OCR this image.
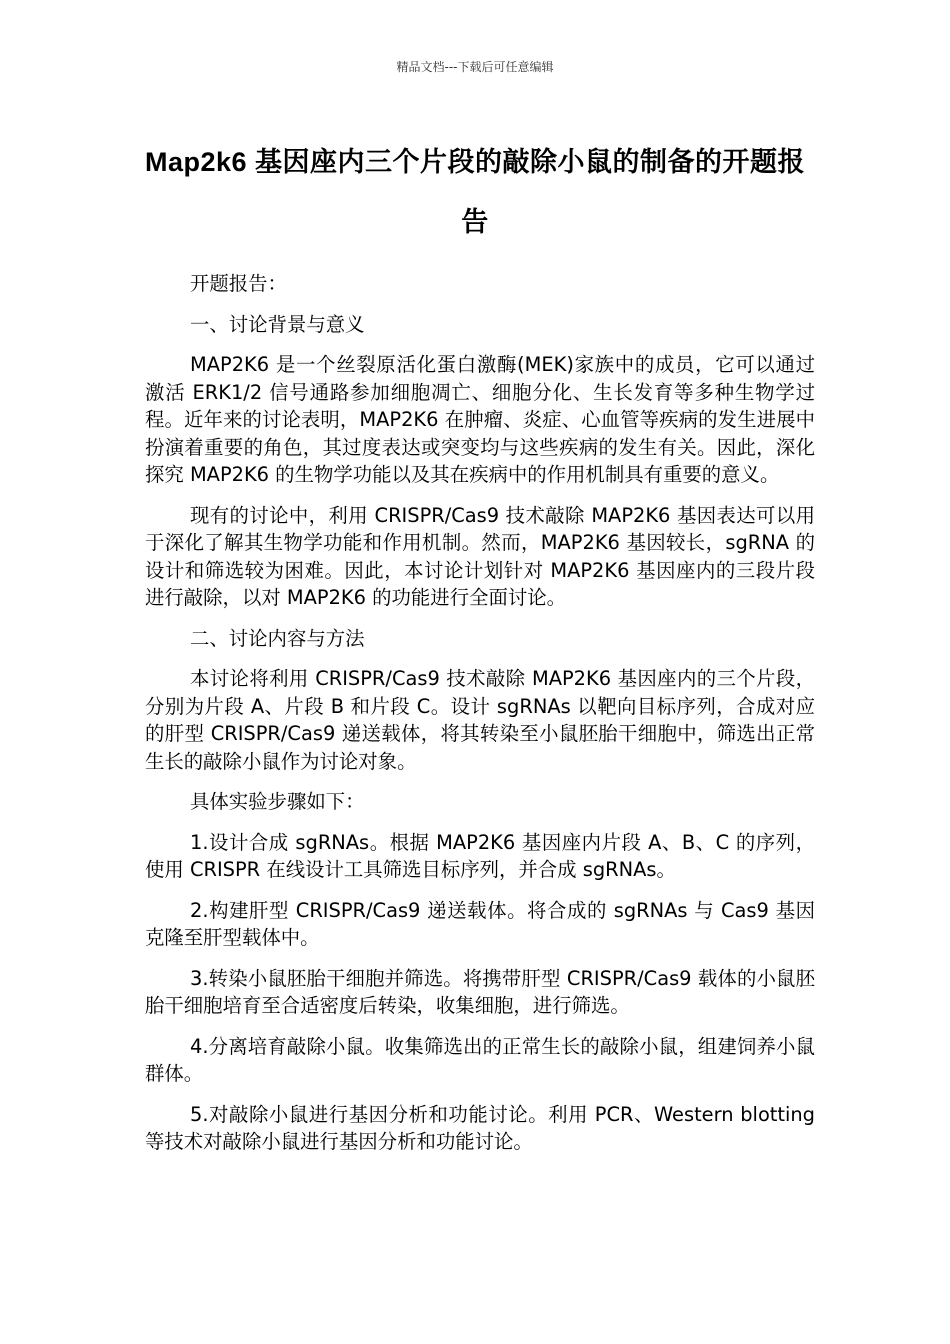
精品文档---下载后可任意编辑
Map2k6 基因座内三个片段的敲除小鼠的制备的开题报告

开题报告：

一、讨论背景与意义

MAP2K6 是一个丝裂原活化蛋白激酶(MEK)家族中的成员，它可以通过激活 ERK1/2 信号通路参加细胞凋亡、细胞分化、生长发育等多种生物学过程。近年来的讨论表明，MAP2K6 在肿瘤、炎症、心血管等疾病的发生进展中扮演着重要的角色，其过度表达或突变均与这些疾病的发生有关。因此，深化探究 MAP2K6 的生物学功能以及其在疾病中的作用机制具有重要的意义。

现有的讨论中，利用 CRISPR/Cas9 技术敲除 MAP2K6 基因表达可以用于深化了解其生物学功能和作用机制。然而，MAP2K6 基因较长，sgRNA 的设计和筛选较为困难。因此，本讨论计划针对 MAP2K6 基因座内的三段片段进行敲除，以对 MAP2K6 的功能进行全面讨论。

二、讨论内容与方法

本讨论将利用 CRISPR/Cas9 技术敲除 MAP2K6 基因座内的三个片段，分别为片段 A、片段 B 和片段 C。设计 sgRNAs 以靶向目标序列，合成对应的肝型 CRISPR/Cas9 递送载体，将其转染至小鼠胚胎干细胞中，筛选出正常生长的敲除小鼠作为讨论对象。

具体实验步骤如下：

1.设计合成 sgRNAs。根据 MAP2K6 基因座内片段 A、B、C 的序列，使用 CRISPR 在线设计工具筛选目标序列，并合成 sgRNAs。

2.构建肝型 CRISPR/Cas9 递送载体。将合成的 sgRNAs 与 Cas9 基因克隆至肝型载体中。

3.转染小鼠胚胎干细胞并筛选。将携带肝型 CRISPR/Cas9 载体的小鼠胚胎干细胞培育至合适密度后转染，收集细胞，进行筛选。

4.分离培育敲除小鼠。收集筛选出的正常生长的敲除小鼠，组建饲养小鼠群体。

5.对敲除小鼠进行基因分析和功能讨论。利用 PCR、Western blotting 等技术对敲除小鼠进行基因分析和功能讨论。
